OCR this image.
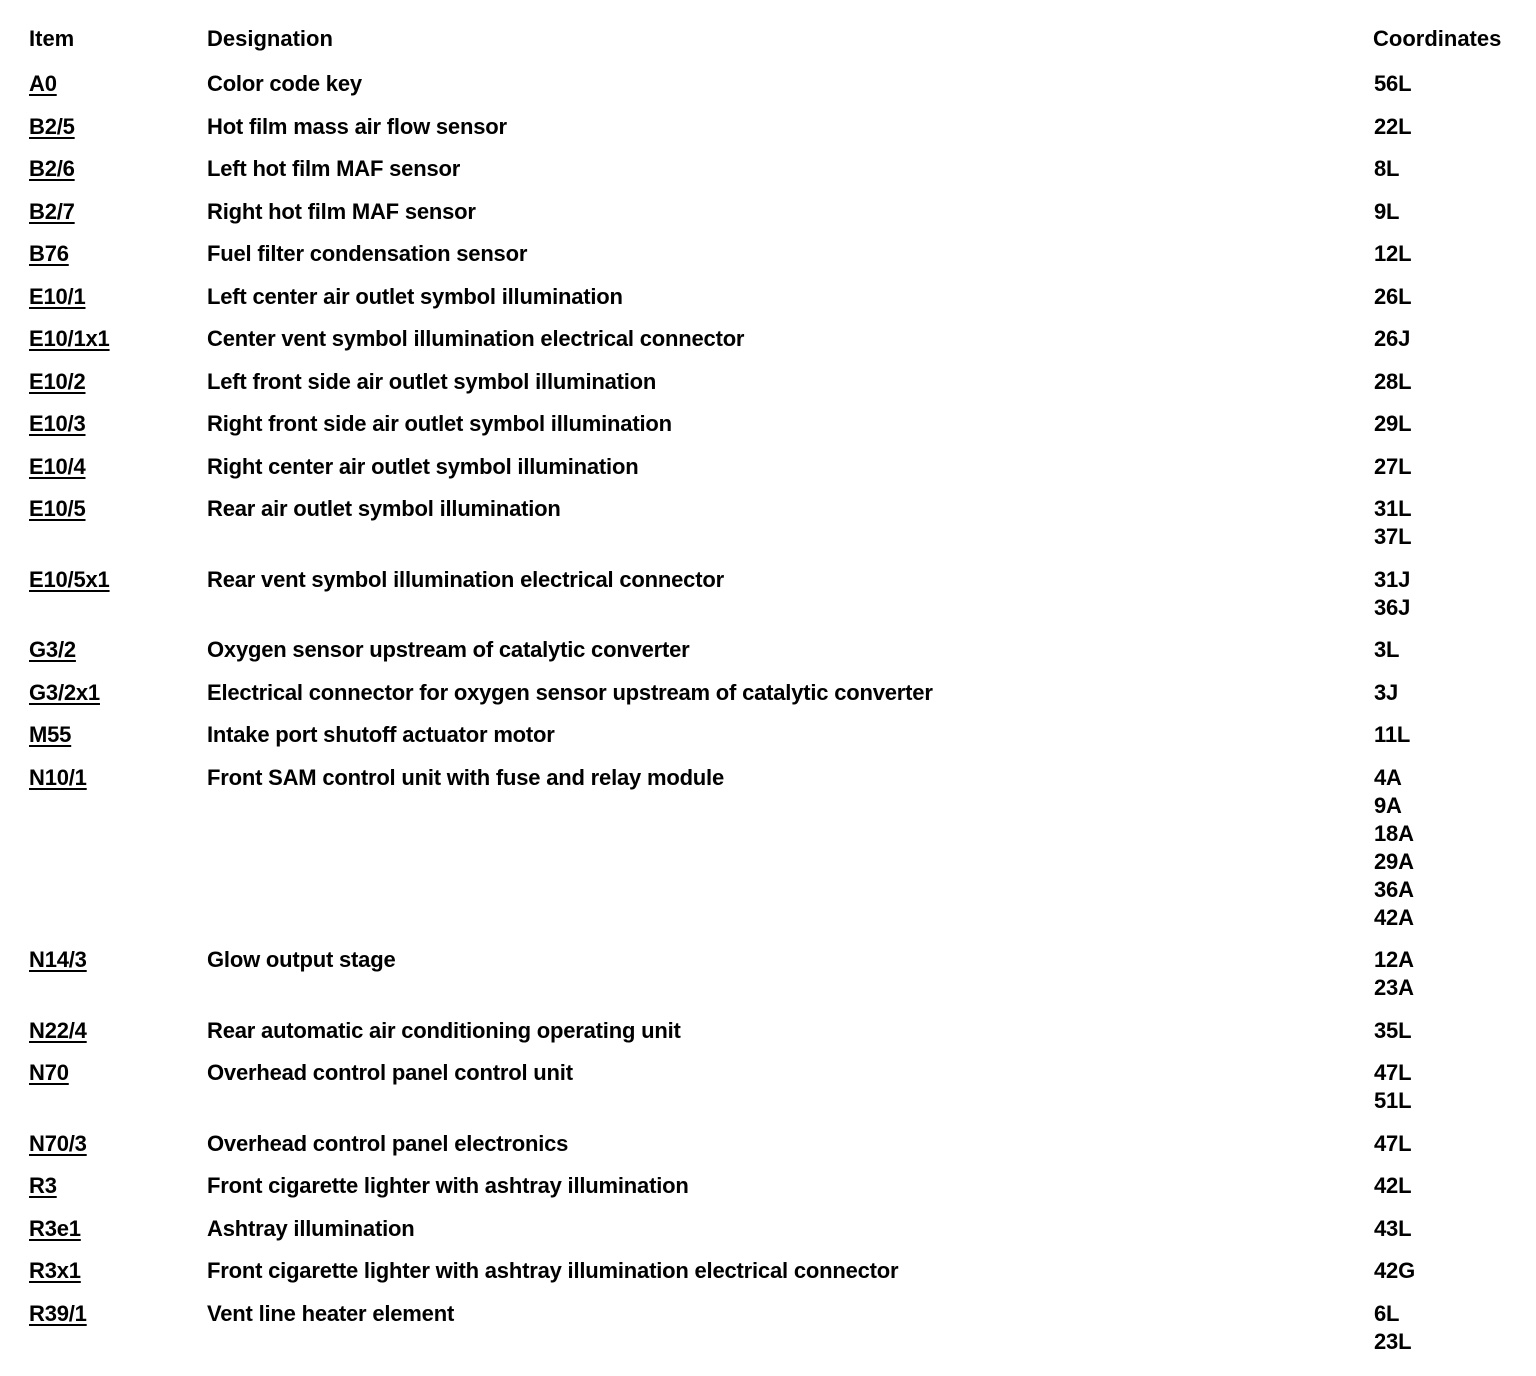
Item	Designation	Coordinates
A0	Color code key	56L
B2/5	Hot film mass air flow sensor	22L
B2/6	Left hot film MAF sensor	8L
B2/7	Right hot film MAF sensor	9L
B76	Fuel filter condensation sensor	12L
E10/1	Left center air outlet symbol illumination	26L
E10/1x1	Center vent symbol illumination electrical connector	26J
E10/2	Left front side air outlet symbol illumination	28L
E10/3	Right front side air outlet symbol illumination	29L
E10/4	Right center air outlet symbol illumination	27L
E10/5	Rear air outlet symbol illumination	31L
37L
E10/5x1	Rear vent symbol illumination electrical connector	31J
36J
G3/2	Oxygen sensor upstream of catalytic converter	3L
G3/2x1	Electrical connector for oxygen sensor upstream of catalytic converter	3J
M55	Intake port shutoff actuator motor	11L
N10/1	Front SAM control unit with fuse and relay module	4A
9A
18A
29A
36A
42A
N14/3	Glow output stage	12A
23A
N22/4	Rear automatic air conditioning operating unit	35L
N70	Overhead control panel control unit	47L
51L
N70/3	Overhead control panel electronics	47L
R3	Front cigarette lighter with ashtray illumination	42L
R3e1	Ashtray illumination	43L
R3x1	Front cigarette lighter with ashtray illumination electrical connector	42G
R39/1	Vent line heater element	6L
23L
